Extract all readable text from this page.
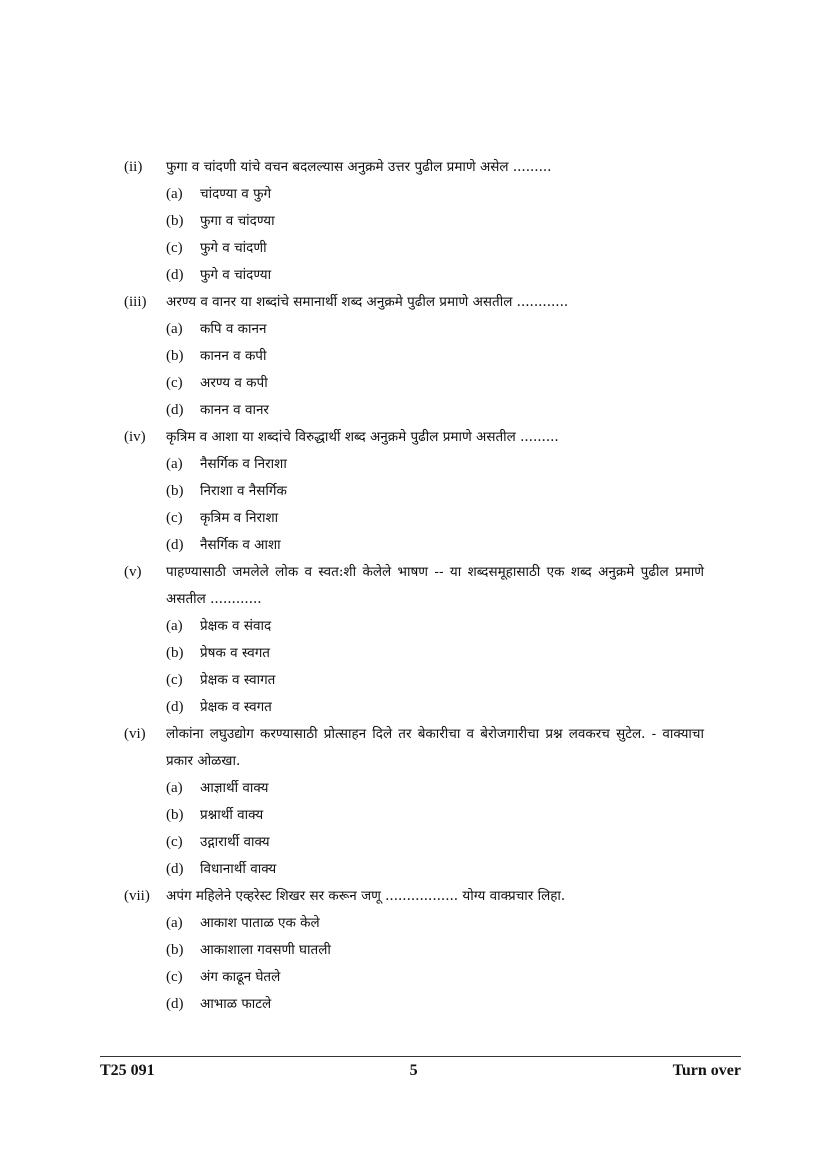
(ii)	फुगा व चांदणी यांचे वचन बदलल्यास अनुक्रमे उत्तर पुढील प्रमाणे असेल .........
(a)	चांदण्या व फुगे
(b)	फुगा व चांदण्या
(c)	फुगे व चांदणी
(d)	फुगे व चांदण्या
(iii)	अरण्य व वानर या शब्दांचे समानार्थी शब्द अनुक्रमे पुढील प्रमाणे असतील ............
(a)	कपि व कानन
(b)	कानन व कपी
(c)	अरण्य व कपी
(d)	कानन व वानर
(iv)	कृत्रिम व आशा या शब्दांचे विरुद्धार्थी शब्द अनुक्रमे पुढील प्रमाणे असतील .........
(a)	नैसर्गिक व निराशा
(b)	निराशा व नैसर्गिक
(c)	कृत्रिम व निराशा
(d)	नैसर्गिक व आशा
(v)	पाहण्यासाठी जमलेले लोक व स्वत:शी केलेले भाषण -- या शब्दसमूहासाठी एक शब्द अनुक्रमे पुढील प्रमाणे असतील ............
(a)	प्रेक्षक व संवाद
(b)	प्रेषक व स्वगत
(c)	प्रेक्षक व स्वागत
(d)	प्रेक्षक व स्वगत
(vi)	लोकांना लघुउद्योग करण्यासाठी प्रोत्साहन दिले तर बेकारीचा व बेरोजगारीचा प्रश्न लवकरच सुटेल. - वाक्याचा प्रकार ओळखा.
(a)	आज्ञार्थी वाक्य
(b)	प्रश्नार्थी वाक्य
(c)	उद्गारार्थी वाक्य
(d)	विधानार्थी वाक्य
(vii)	अपंग महिलेने एव्हरेस्ट शिखर सर करून जणू ................. योग्य वाक्प्रचार लिहा.
(a)	आकाश पाताळ एक केले
(b)	आकाशाला गवसणी घातली
(c)	अंग काढून घेतले
(d)	आभाळ फाटले
T25 091	5	Turn over
